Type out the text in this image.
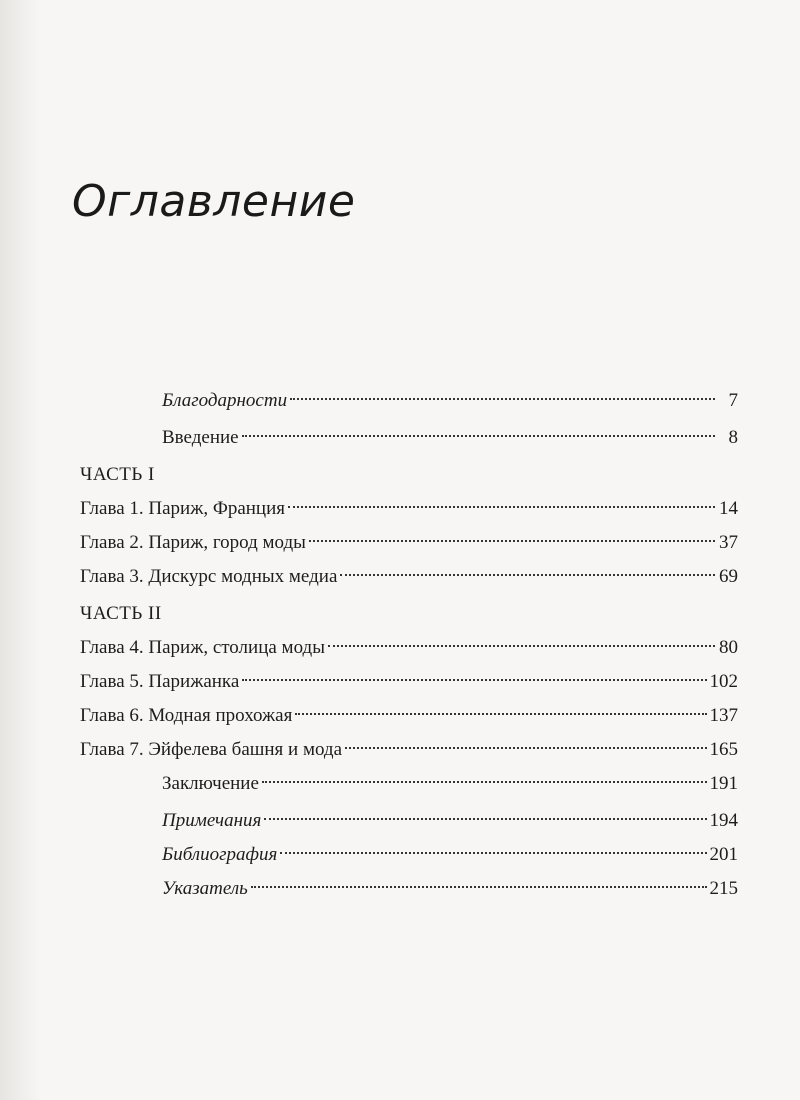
Оглавление
Благодарности	7
Введение	8
ЧАСТЬ I
Глава 1. Париж, Франция	14
Глава 2. Париж, город моды	37
Глава 3. Дискурс модных медиа	69
ЧАСТЬ II
Глава 4. Париж, столица моды	80
Глава 5. Парижанка	102
Глава 6. Модная прохожая	137
Глава 7. Эйфелева башня и мода	165
Заключение	191
Примечания	194
Библиография	201
Указатель	215
